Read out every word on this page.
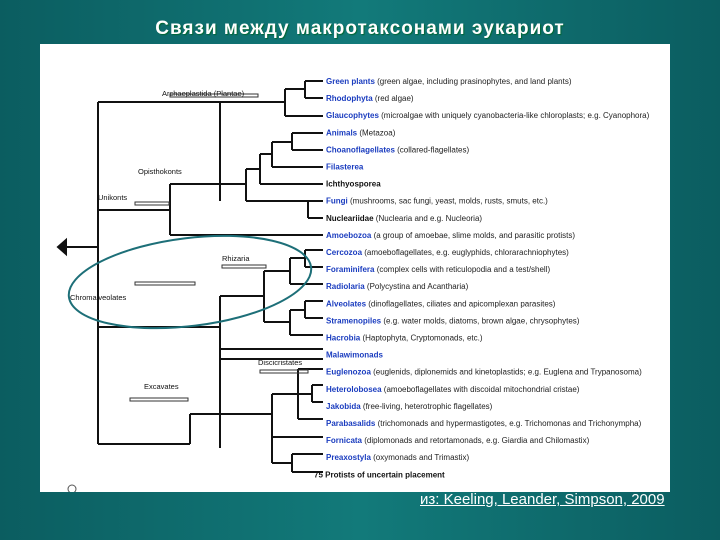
Связи между макротаксонами эукариот
Archaeplastida (Plantae)
Opisthokonts
Unikonts
Rhizaria
Chromalveolates
Discicristates
Excavates
Green plants (green algae, including prasinophytes, and land plants)
Rhodophyta (red algae)
Glaucophytes (microalgae with uniquely cyanobacteria-like chloroplasts; e.g. Cyanophora)
Animals (Metazoa)
Choanoflagellates (collared-flagellates)
Filasterea
Ichthyosporea
Fungi (mushrooms, sac fungi, yeast, molds, rusts, smuts, etc.)
Nucleariidae (Nuclearia and e.g. Nucleoria)
Amoebozoa (a group of amoebae, slime molds, and parasitic protists)
Cercozoa (amoeboflagellates, e.g. euglyphids, chlorarachniophytes)
Foraminifera (complex cells with reticulopodia and a test/shell)
Radiolaria (Polycystina and Acantharia)
Alveolates (dinoflagellates, ciliates and apicomplexan parasites)
Stramenopiles (e.g. water molds, diatoms, brown algae, chrysophytes)
Hacrobia (Haptophyta, Cryptomonads, etc.)
Malawimonads
Euglenozoa (euglenids, diplonemids and kinetoplastids; e.g. Euglena and Trypanosoma)
Heterolobosea (amoeboflagellates with discoidal mitochondrial cristae)
Jakobida (free-living, heterotrophic flagellates)
Parabasalids (trichomonads and hypermastigotes, e.g. Trichomonas and Trichonympha)
Fornicata (diplomonads and retortamonads, e.g. Giardia and Chilomastix)
Preaxostyla (oxymonads and Trimastix)
75 Protists of uncertain placement
из: Keeling, Leander, Simpson, 2009
